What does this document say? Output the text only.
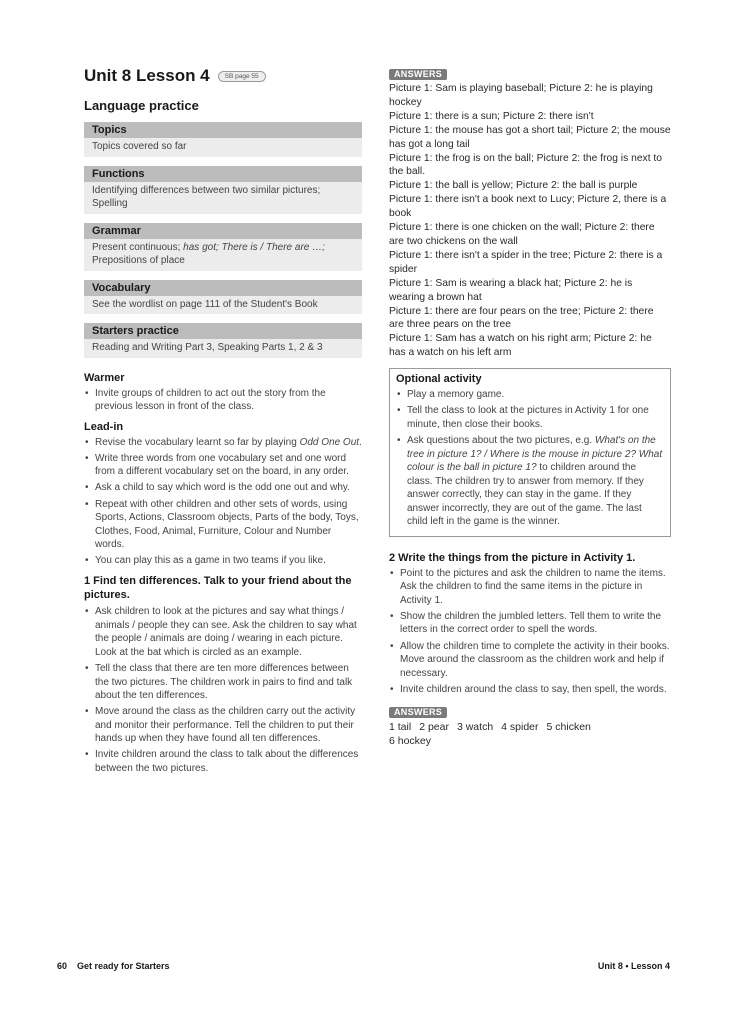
Unit 8 Lesson 4	SB page 55
Language practice
Topics
Topics covered so far
Functions
Identifying differences between two similar pictures; Spelling
Grammar
Present continuous; has got; There is / There are …; Prepositions of place
Vocabulary
See the wordlist on page 111 of the Student's Book
Starters practice
Reading and Writing Part 3, Speaking Parts 1, 2 & 3
Warmer
• Invite groups of children to act out the story from the previous lesson in front of the class.
Lead-in
• Revise the vocabulary learnt so far by playing Odd One Out.
• Write three words from one vocabulary set and one word from a different vocabulary set on the board, in any order.
• Ask a child to say which word is the odd one out and why.
• Repeat with other children and other sets of words, using Sports, Actions, Classroom objects, Parts of the body, Toys, Clothes, Food, Animal, Furniture, Colour and Number words.
• You can play this as a game in two teams if you like.
1 Find ten differences. Talk to your friend about the pictures.
• Ask children to look at the pictures and say what things / animals / people they can see. Ask the children to say what the people / animals are doing / wearing in each picture. Look at the bat which is circled as an example.
• Tell the class that there are ten more differences between the two pictures. The children work in pairs to find and talk about the ten differences.
• Move around the class as the children carry out the activity and monitor their performance. Tell the children to put their hands up when they have found all ten differences.
• Invite children around the class to talk about the differences between the two pictures.
ANSWERS
Picture 1: Sam is playing baseball; Picture 2: he is playing hockey
Picture 1: there is a sun; Picture 2: there isn't
Picture 1: the mouse has got a short tail; Picture 2; the mouse has got a long tail
Picture 1: the frog is on the ball; Picture 2: the frog is next to the ball.
Picture 1: the ball is yellow; Picture 2: the ball is purple
Picture 1: there isn't a book next to Lucy; Picture 2, there is a book
Picture 1: there is one chicken on the wall; Picture 2: there are two chickens on the wall
Picture 1: there isn't a spider in the tree; Picture 2: there is a spider
Picture 1: Sam is wearing a black hat; Picture 2: he is wearing a brown hat
Picture 1: there are four pears on the tree; Picture 2: there are three pears on the tree
Picture 1: Sam has a watch on his right arm; Picture 2: he has a watch on his left arm
Optional activity
• Play a memory game.
• Tell the class to look at the pictures in Activity 1 for one minute, then close their books.
• Ask questions about the two pictures, e.g. What's on the tree in picture 1? / Where is the mouse in picture 2? What colour is the ball in picture 1? to children around the class. The children try to answer from memory. If they answer correctly, they can stay in the game. If they answer incorrectly, they are out of the game. The last child left in the game is the winner.
2 Write the things from the picture in Activity 1.
• Point to the pictures and ask the children to name the items. Ask the children to find the same items in the picture in Activity 1.
• Show the children the jumbled letters. Tell them to write the letters in the correct order to spell the words.
• Allow the children time to complete the activity in their books. Move around the classroom as the children work and help if necessary.
• Invite children around the class to say, then spell, the words.
ANSWERS
1 tail 2 pear 3 watch 4 spider 5 chicken
6 hockey
60 Get ready for Starters	Unit 8 • Lesson 4
